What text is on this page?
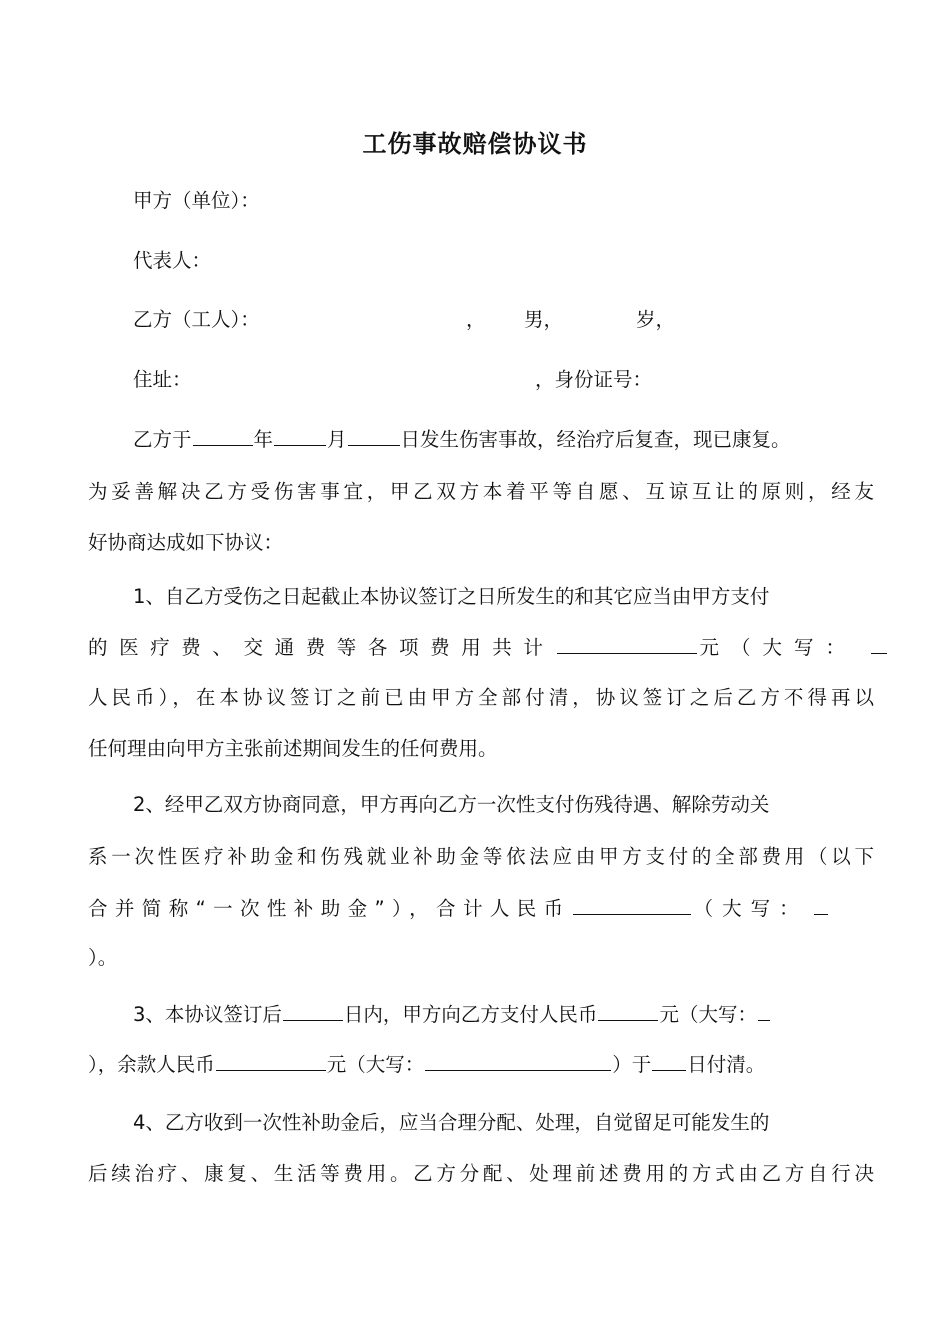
工伤事故赔偿协议书
甲方（单位）：
代表人：
乙方（工人）：	， 男，	岁，
住址：	，身份证号：
乙方于	年	月	日发生伤害事故，经治疗后复查，现已康复。
为妥善解决乙方受伤害事宜，甲乙双方本着平等自愿、互谅互让的原则，经友
好协商达成如下协议：
1、自乙方受伤之日起截止本协议签订之日所发生的和其它应当由甲方支付
的医疗费、交通费等各项费用共计	元（大写：
人民币），在本协议签订之前已由甲方全部付清，协议签订之后乙方不得再以
任何理由向甲方主张前述期间发生的任何费用。
2、经甲乙双方协商同意，甲方再向乙方一次性支付伤残待遇、解除劳动关
系一次性医疗补助金和伤残就业补助金等依法应由甲方支付的全部费用（以下
合并简称“一次性补助金”），合计人民币	（大写：
）。
3、本协议签订后	日内，甲方向乙方支付人民币	元（大写：
），余款人民币	元（大写：	）于 日付清。
4、乙方收到一次性补助金后，应当合理分配、处理，自觉留足可能发生的
后续治疗、康复、生活等费用。乙方分配、处理前述费用的方式由乙方自行决
